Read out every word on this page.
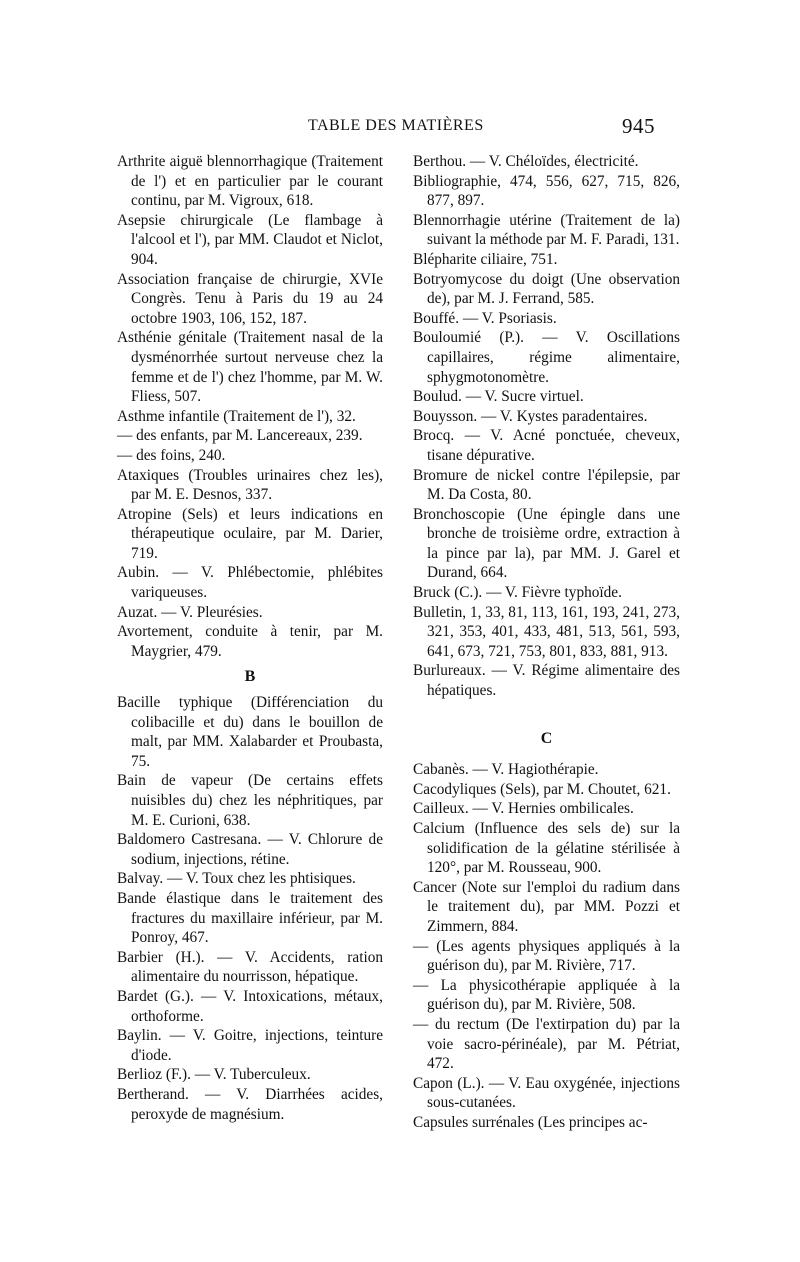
TABLE DES MATIÈRES	945
Arthrite aiguë blennorrhagique (Traitement de l') et en particulier par le courant continu, par M. Vigroux, 618.
Asepsie chirurgicale (Le flambage à l'alcool et l'), par MM. Claudot et Niclot, 904.
Association française de chirurgie, XVIe Congrès. Tenu à Paris du 19 au 24 octobre 1903, 106, 152, 187.
Asthénie génitale (Traitement nasal de la dysménorrhée surtout nerveuse chez la femme et de l') chez l'homme, par M. W. Fliess, 507.
Asthme infantile (Traitement de l'), 32.
— des enfants, par M. Lancereaux, 239.
— des foins, 240.
Ataxiques (Troubles urinaires chez les), par M. E. Desnos, 337.
Atropine (Sels) et leurs indications en thérapeutique oculaire, par M. Darier, 719.
Aubin. — V. Phlébectomie, phlébites variqueuses.
Auzat. — V. Pleurésies.
Avortement, conduite à tenir, par M. Maygrier, 479.
B
Bacille typhique (Différenciation du colibacille et du) dans le bouillon de malt, par MM. Xalabarder et Proubasta, 75.
Bain de vapeur (De certains effets nuisibles du) chez les néphritiques, par M. E. Curioni, 638.
Baldomero Castresana. — V. Chlorure de sodium, injections, rétine.
Balvay. — V. Toux chez les phtisiques.
Bande élastique dans le traitement des fractures du maxillaire inférieur, par M. Ponroy, 467.
Barbier (H.). — V. Accidents, ration alimentaire du nourrisson, hépatique.
Bardet (G.). — V. Intoxications, métaux, orthoforme.
Baylin. — V. Goitre, injections, teinture d'iode.
Berlioz (F.). — V. Tuberculeux.
Bertherand. — V. Diarrhées acides, peroxyde de magnésium.
Berthou. — V. Chéloïdes, électricité.
Bibliographie, 474, 556, 627, 715, 826, 877, 897.
Blennorrhagie utérine (Traitement de la) suivant la méthode par M. F. Paradi, 131.
Blépharite ciliaire, 751.
Botryomycose du doigt (Une observation de), par M. J. Ferrand, 585.
Bouffé. — V. Psoriasis.
Bouloumié (P.). — V. Oscillations capillaires, régime alimentaire, sphygmotonomètre.
Boulud. — V. Sucre virtuel.
Bouysson. — V. Kystes paradentaires.
Brocq. — V. Acné ponctuée, cheveux, tisane dépurative.
Bromure de nickel contre l'épilepsie, par M. Da Costa, 80.
Bronchoscopie (Une épingle dans une bronche de troisième ordre, extraction à la pince par la), par MM. J. Garel et Durand, 664.
Bruck (C.). — V. Fièvre typhoïde.
Bulletin, 1, 33, 81, 113, 161, 193, 241, 273, 321, 353, 401, 433, 481, 513, 561, 593, 641, 673, 721, 753, 801, 833, 881, 913.
Burlureaux. — V. Régime alimentaire des hépatiques.
C
Cabanès. — V. Hagiothérapie.
Cacodyliques (Sels), par M. Choutet, 621.
Cailleux. — V. Hernies ombilicales.
Calcium (Influence des sels de) sur la solidification de la gélatine stérilisée à 120°, par M. Rousseau, 900.
Cancer (Note sur l'emploi du radium dans le traitement du), par MM. Pozzi et Zimmern, 884.
— (Les agents physiques appliqués à la guérison du), par M. Rivière, 717.
— La physicothérapie appliquée à la guérison du), par M. Rivière, 508.
— du rectum (De l'extirpation du) par la voie sacro-périnéale), par M. Pétriat, 472.
Capon (L.). — V. Eau oxygénée, injections sous-cutanées.
Capsules surrénales (Les principes ac-
